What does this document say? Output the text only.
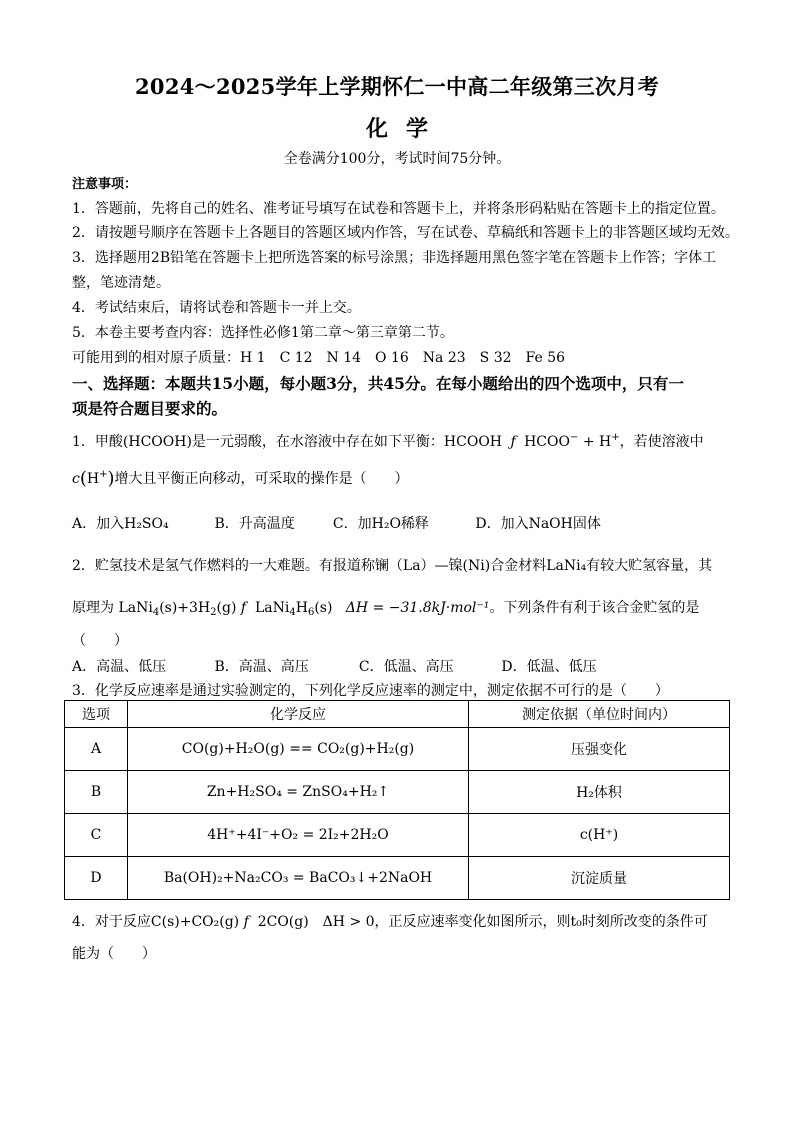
2024～2025学年上学期怀仁一中高二年级第三次月考
化学
全卷满分100分，考试时间75分钟。
注意事项：
1．答题前，先将自己的姓名、准考证号填写在试卷和答题卡上，并将条形码粘贴在答题卡上的指定位置。
2．请按题号顺序在答题卡上各题目的答题区域内作答，写在试卷、草稿纸和答题卡上的非答题区域均无效。
3．选择题用2B铅笔在答题卡上把所选答案的标号涂黑；非选择题用黑色签字笔在答题卡上作答；字体工
整，笔迹清楚。
4．考试结束后，请将试卷和答题卡一并上交。
5．本卷主要考查内容：选择性必修1第二章～第三章第二节。
可能用到的相对原子质量：H 1　C 12　N 14　O 16　Na 23　S 32　Fe 56
一、选择题：本题共15小题，每小题3分，共45分。在每小题给出的四个选项中，只有一
项是符合题目要求的。
1．甲酸(HCOOH)是一元弱酸，在水溶液中存在如下平衡：HCOOH ƒ HCOO− + H+，若使溶液中
c(H+)增大且平衡正向移动，可采取的操作是（　　）
A．加入H₂SO₄	B．升高温度	C．加H₂O稀释	D．加入NaOH固体
2．贮氢技术是氢气作燃料的一大难题。有报道称镧（La）—镍(Ni)合金材料LaNi₄有较大贮氢容量，其
原理为 $LaNi_4(s)+3H_2(g)$ f  $LaNi_4H_6(s) \Delta H = -31.8kJ\cdot mol^{-1}$。下列条件有利于该合金贮氢的是
（　　）
A．高温、低压	B．高温、高压	C．低温、高压	D．低温、低压
3．化学反应速率是通过实验测定的，下列化学反应速率的测定中，测定依据不可行的是（　　）
选项	化学反应	测定依据（单位时间内）
A	CO(g)+H₂O(g) == CO₂(g)+H₂(g)	压强变化
B	Zn+H₂SO₄ = ZnSO₄+H₂↑	H₂体积
C	4H⁺+4I⁻+O₂ = 2I₂+2H₂O	c(H⁺)
D	Ba(OH)₂+Na₂CO₃ = BaCO₃↓+2NaOH	沉淀质量
4．对于反应C(s)+CO₂(g) f 2CO(g)　ΔH > 0，正反应速率变化如图所示，则t₀时刻所改变的条件可
能为（　　）
